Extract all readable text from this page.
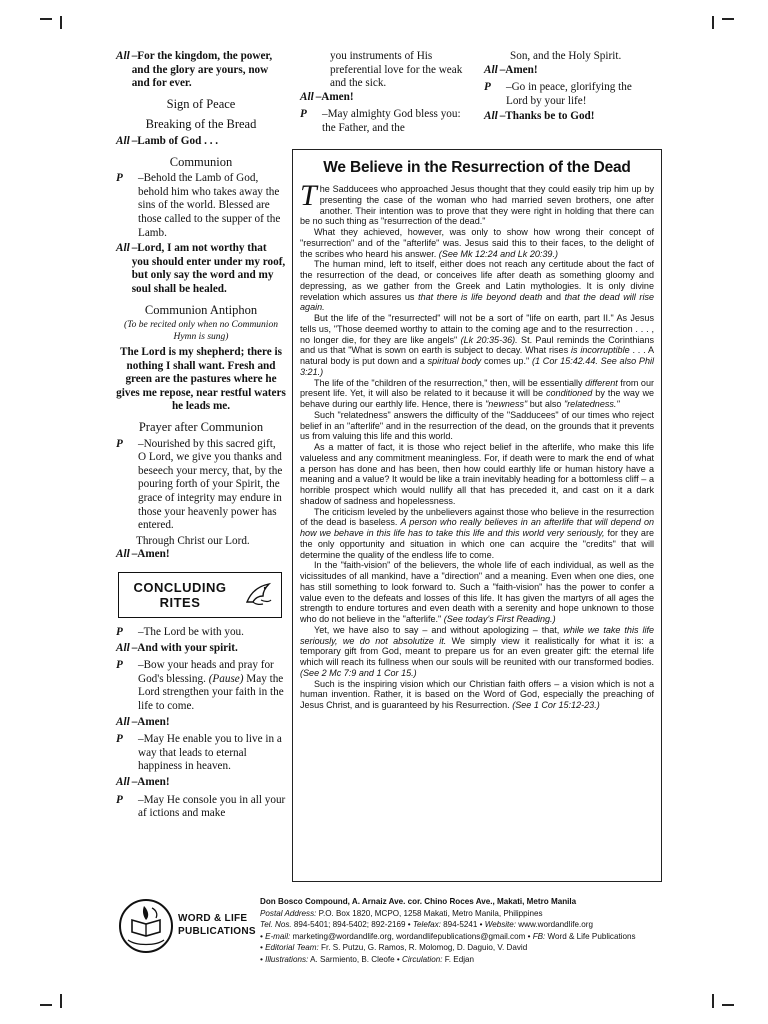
All –For the kingdom, the power, and the glory are yours, now and for ever.
Sign of Peace
Breaking of the Bread
All –Lamb of God . . .
Communion
P	–Behold the Lamb of God, behold him who takes away the sins of the world. Blessed are those called to the supper of the Lamb.
All –Lord, I am not worthy that you should enter under my roof, but only say the word and my soul shall be healed.
Communion Antiphon
(To be recited only when no Communion Hymn is sung)
The Lord is my shepherd; there is nothing I shall want. Fresh and green are the pastures where he gives me repose, near restful waters he leads me.
Prayer after Communion
P	–Nourished by this sacred gift, O Lord, we give you thanks and beseech your mercy, that, by the pouring forth of your Spirit, the grace of integrity may endure in those your heavenly power has entered.
Through Christ our Lord.
All –Amen!
CONCLUDING RITES
P	–The Lord be with you.
All –And with your spirit.
P	–Bow your heads and pray for God's blessing. (Pause) May the Lord strengthen your faith in the life to come.
All –Amen!
P	–May He enable you to live in a way that leads to eternal happiness in heaven.
All –Amen!
P	–May He console you in all your af ictions and make
you instruments of His preferential love for the weak and the sick.
All –Amen!
P	–May almighty God bless you: the Father, and the
Son, and the Holy Spirit.
All –Amen!
P	–Go in peace, glorifying the Lord by your life!
All –Thanks be to God!
We Believe in the Resurrection of the Dead

The Sadducees who approached Jesus thought that they could easily trip him up by presenting the case of the woman who had married seven brothers, one after another. Their intention was to prove that they were right in holding that there can be no such thing as "resurrection of the dead."

What they achieved, however, was only to show how wrong their concept of "resurrection" and of the "afterlife" was. Jesus said this to their faces, to the delight of the scribes who heard his answer. (See Mk 12:24 and Lk 20:39.)

The human mind, left to itself, either does not reach any certitude about the fact of the resurrection of the dead, or conceives life after death as something gloomy and depressing, as we gather from the Greek and Latin mythologies. It is only divine revelation which assures us that there is life beyond death and that the dead will rise again.

But the life of the "resurrected" will not be a sort of "life on earth, part II." As Jesus tells us, "Those deemed worthy to attain to the coming age and to the resurrection . . . , no longer die, for they are like angels" (Lk 20:35-36). St. Paul reminds the Corinthians and us that "What is sown on earth is subject to decay. What rises is incorruptible . . . A natural body is put down and a spiritual body comes up." (1 Cor 15:42.44. See also Phil 3:21.)

The life of the "children of the resurrection," then, will be essentially different from our present life. Yet, it will also be related to it because it will be conditioned by the way we behave during our earthly life. Hence, there is "newness" but also "relatedness."

Such "relatedness" answers the difficulty of the "Sadducees" of our times who reject belief in an "afterlife" and in the resurrection of the dead, on the grounds that it prevents us from valuing this life and this world.

As a matter of fact, it is those who reject belief in the afterlife, who make this life valueless and any commitment meaningless. For, if death were to mark the end of what a person has done and has been, then how could earthly life or human history have a meaning and a value? It would be like a train inevitably heading for a bottomless cliff – a horrible prospect which would nullify all that has preceded it, and cast on it a dark shadow of sadness and hopelessness.

The criticism leveled by the unbelievers against those who believe in the resurrection of the dead is baseless. A person who really believes in an afterlife that will depend on how we behave in this life has to take this life and this world very seriously, for they are the only opportunity and situation in which one can acquire the "credits" that will determine the quality of the endless life to come.

In the "faith-vision" of the believers, the whole life of each individual, as well as the vicissitudes of all mankind, have a "direction" and a meaning. Even when one dies, one has still something to look forward to. Such a "faith-vision" has the power to confer a value even to the defeats and losses of this life. It has given the martyrs of all ages the strength to endure tortures and even death with a serenity and hope unknown to those who do not believe in the "afterlife." (See today's First Reading.)

Yet, we have also to say – and without apologizing – that, while we take this life seriously, we do not absolutize it. We simply view it realistically for what it is: a temporary gift from God, meant to prepare us for an even greater gift: the eternal life which will reach its fullness when our souls will be reunited with our transformed bodies. (See 2 Mc 7:9 and 1 Cor 15.)

Such is the inspiring vision which our Christian faith offers – a vision which is not a human invention. Rather, it is based on the Word of God, especially the preaching of Jesus Christ, and is guaranteed by his Resurrection. (See 1 Cor 15:12-23.)

WORD & LIFE
PUBLICATIONS
Don Bosco Compound, A. Arnaiz Ave. cor. Chino Roces Ave., Makati, Metro Manila
Postal Address: P.O. Box 1820, MCPO, 1258 Makati, Metro Manila, Philippines
Tel. Nos. 894-5401; 894-5402; 892-2169 • Telefax: 894-5241 • Website: www.wordandlife.org
• E-mail: marketing@wordandlife.org, wordandlifepublications@gmail.com • FB: Word & Life Publications
• Editorial Team: Fr. S. Putzu, G. Ramos, R. Molomog, D. Daguio, V. David
• Illustrations: A. Sarmiento, B. Cleofe • Circulation: F. Edjan
